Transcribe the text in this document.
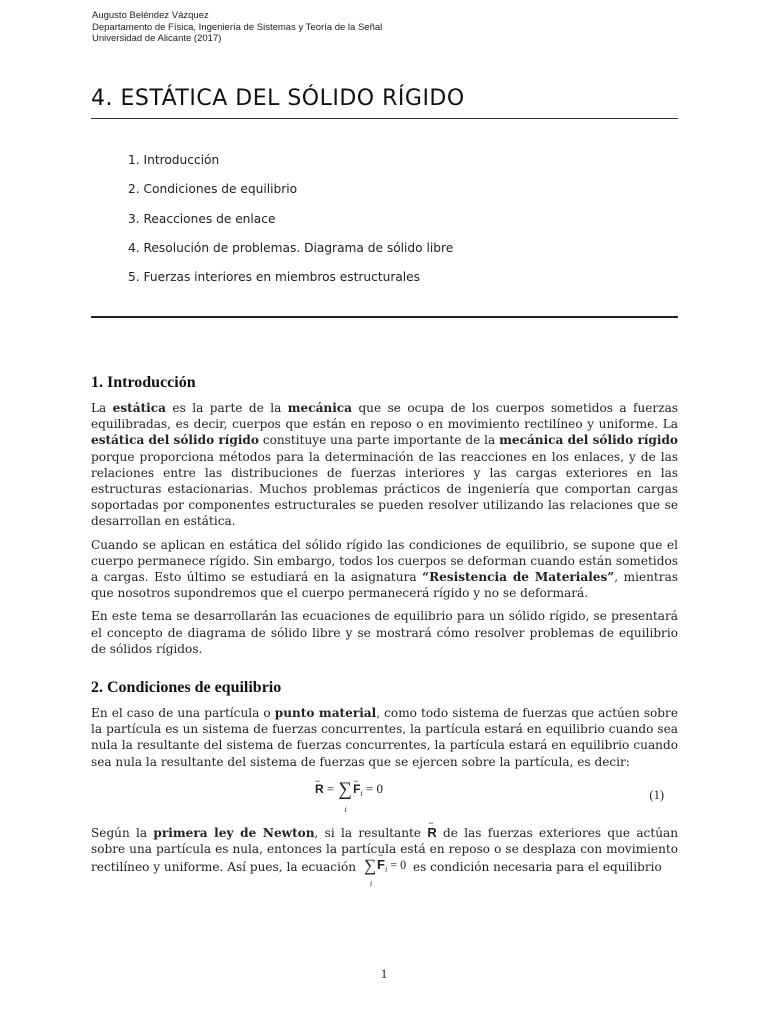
Augusto Beléndez Vázquez
Departamento de Física, Ingeniería de Sistemas y Teoría de la Señal
Universidad de Alicante (2017)
4. ESTÁTICA DEL SÓLIDO RÍGIDO
1. Introducción
2. Condiciones de equilibrio
3. Reacciones de enlace
4. Resolución de problemas. Diagrama de sólido libre
5. Fuerzas interiores en miembros estructurales
1. Introducción

La estática es la parte de la mecánica que se ocupa de los cuerpos sometidos a fuerzas equilibradas, es decir, cuerpos que están en reposo o en movimiento rectilíneo y uniforme. La estática del sólido rígido constituye una parte importante de la mecánica del sólido rígido porque proporciona métodos para la determinación de las reacciones en los enlaces, y de las relaciones entre las distribuciones de fuerzas interiores y las cargas exteriores en las estructuras estacionarias. Muchos problemas prácticos de ingeniería que comportan cargas soportadas por componentes estructurales se pueden resolver utilizando las relaciones que se desarrollan en estática.

Cuando se aplican en estática del sólido rígido las condiciones de equilibrio, se supone que el cuerpo permanece rígido. Sin embargo, todos los cuerpos se deforman cuando están sometidos a cargas. Esto último se estudiará en la asignatura “Resistencia de Materiales”, mientras que nosotros supondremos que el cuerpo permanecerá rígido y no se deformará.

En este tema se desarrollarán las ecuaciones de equilibrio para un sólido rígido, se presentará el concepto de diagrama de sólido libre y se mostrará cómo resolver problemas de equilibrio de sólidos rígidos.

2. Condiciones de equilibrio

En el caso de una partícula o punto material, como todo sistema de fuerzas que actúen sobre la partícula es un sistema de fuerzas concurrentes, la partícula estará en equilibrio cuando sea nula la resultante del sistema de fuerzas concurrentes, la partícula estará en equilibrio cuando sea nula la resultante del sistema de fuerzas que se ejercen sobre la partícula, es decir:

− R = ∑
i
− $F_i = 0$	(1)

Según la primera ley de Newton, si la resultante − R de las fuerzas exteriores que actúan sobre una partícula es nula, entonces la partícula está en reposo o se desplaza con movimiento rectilíneo y uniforme. Así pues, la ecuación ∑
i
− $F_i = 0$ es condición necesaria para el equilibrio

1
